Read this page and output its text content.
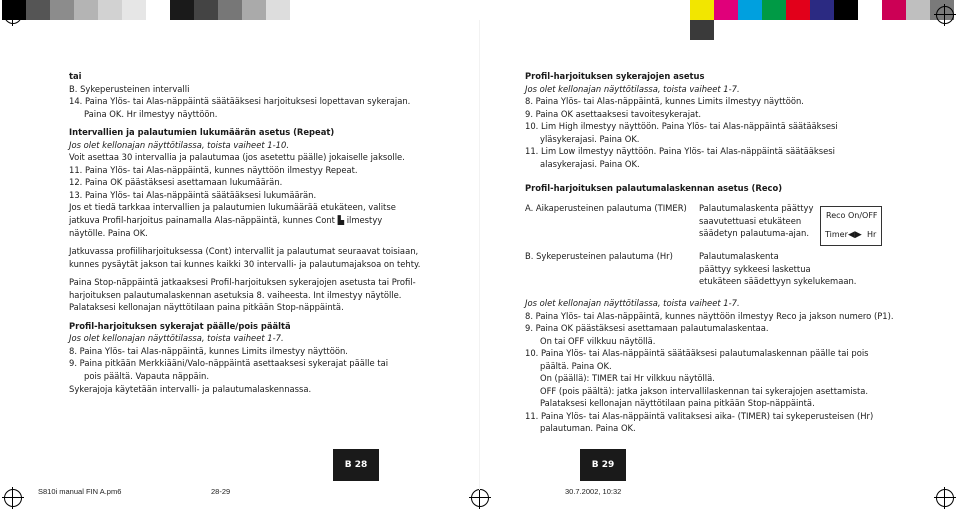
tai
B. Sykeperusteinen intervalli
14. Paina Ylös- tai Alas-näppäintä säätääksesi harjoituksesi lopettavan sykerajan.
Paina OK. Hr ilmestyy näyttöön.
Intervallien ja palautumien lukumäärän asetus (Repeat)
Jos olet kellonajan näyttötilassa, toista vaiheet 1-10.
Voit asettaa 30 intervallia ja palautumaa (jos asetettu päälle) jokaiselle jaksolle.
11. Paina Ylös- tai Alas-näppäintä, kunnes näyttöön ilmestyy Repeat.
12. Paina OK päästäksesi asettamaan lukumäärän.
13. Paina Ylös- tai Alas-näppäintä säätääksesi lukumäärän.
Jos et tiedä tarkkaa intervallien ja palautumien lukumäärää etukäteen, valitse
jatkuva Profil-harjoitus painamalla Alas-näppäintä, kunnes Cont ▙ ilmestyy
näytölle. Paina OK.
Jatkuvassa profiiliharjoituksessa (Cont) intervallit ja palautumat seuraavat toisiaan,
kunnes pysäytät jakson tai kunnes kaikki 30 intervalli- ja palautumajaksoa on tehty.
Paina Stop-näppäintä jatkaaksesi Profil-harjoituksen sykerajojen asetusta tai Profil-
harjoituksen palautumalaskennan asetuksia 8. vaiheesta. Int ilmestyy näytölle.
Palataksesi kellonajan näyttötilaan paina pitkään Stop-näppäintä.
Profil-harjoituksen sykerajat päälle/pois päältä
Jos olet kellonajan näyttötilassa, toista vaiheet 1-7.
8. Paina Ylös- tai Alas-näppäintä, kunnes Limits ilmestyy näyttöön.
9. Paina pitkään Merkkiääni/Valo-näppäintä asettaaksesi sykerajat päälle tai
pois päältä. Vapauta näppäin.
Sykerajoja käytetään intervalli- ja palautumalaskennassa.
Profil-harjoituksen sykerajojen asetus
Jos olet kellonajan näyttötilassa, toista vaiheet 1-7.
8. Paina Ylös- tai Alas-näppäintä, kunnes Limits ilmestyy näyttöön.
9. Paina OK asettaaksesi tavoitesykerajat.
10. Lim High ilmestyy näyttöön. Paina Ylös- tai Alas-näppäintä säätääksesi
yläsykerajasi. Paina OK.
11. Lim Low ilmestyy näyttöön. Paina Ylös- tai Alas-näppäintä säätääksesi
alasykerajasi. Paina OK.
Profil-harjoituksen palautumalaskennan asetus (Reco)
A. Aikaperusteinen palautuma (TIMER) Palautumalaskenta päättyy
saavutettuasi etukäteen
säädetyn palautuma-ajan.
Reco On/OFF
Timer ◀▶ Hr
B. Sykeperusteinen palautuma (Hr)	Palautumalaskenta
päättyy sykkeesi laskettua
etukäteen säädettyyn sykelukemaan.
Jos olet kellonajan näyttötilassa, toista vaiheet 1-7.
8. Paina Ylös- tai Alas-näppäintä, kunnes näyttöön ilmestyy Reco ja jakson numero (P1).
9. Paina OK päästäksesi asettamaan palautumalaskentaa.
On tai OFF vilkkuu näytöllä.
10. Paina Ylös- tai Alas-näppäintä säätääksesi palautumalaskennan päälle tai pois
päältä. Paina OK.
On (päällä): TIMER tai Hr vilkkuu näytöllä.
OFF (pois päältä): jatka jakson intervallilaskennan tai sykerajojen asettamista.
Palataksesi kellonajan näyttötilaan paina pitkään Stop-näppäintä.
11. Paina Ylös- tai Alas-näppäintä valitaksesi aika- (TIMER) tai sykeperusteisen (Hr)
palautuman. Paina OK.
B 28	B 29
S810i manual FIN A.pm6	28-29	30.7.2002, 10:32
